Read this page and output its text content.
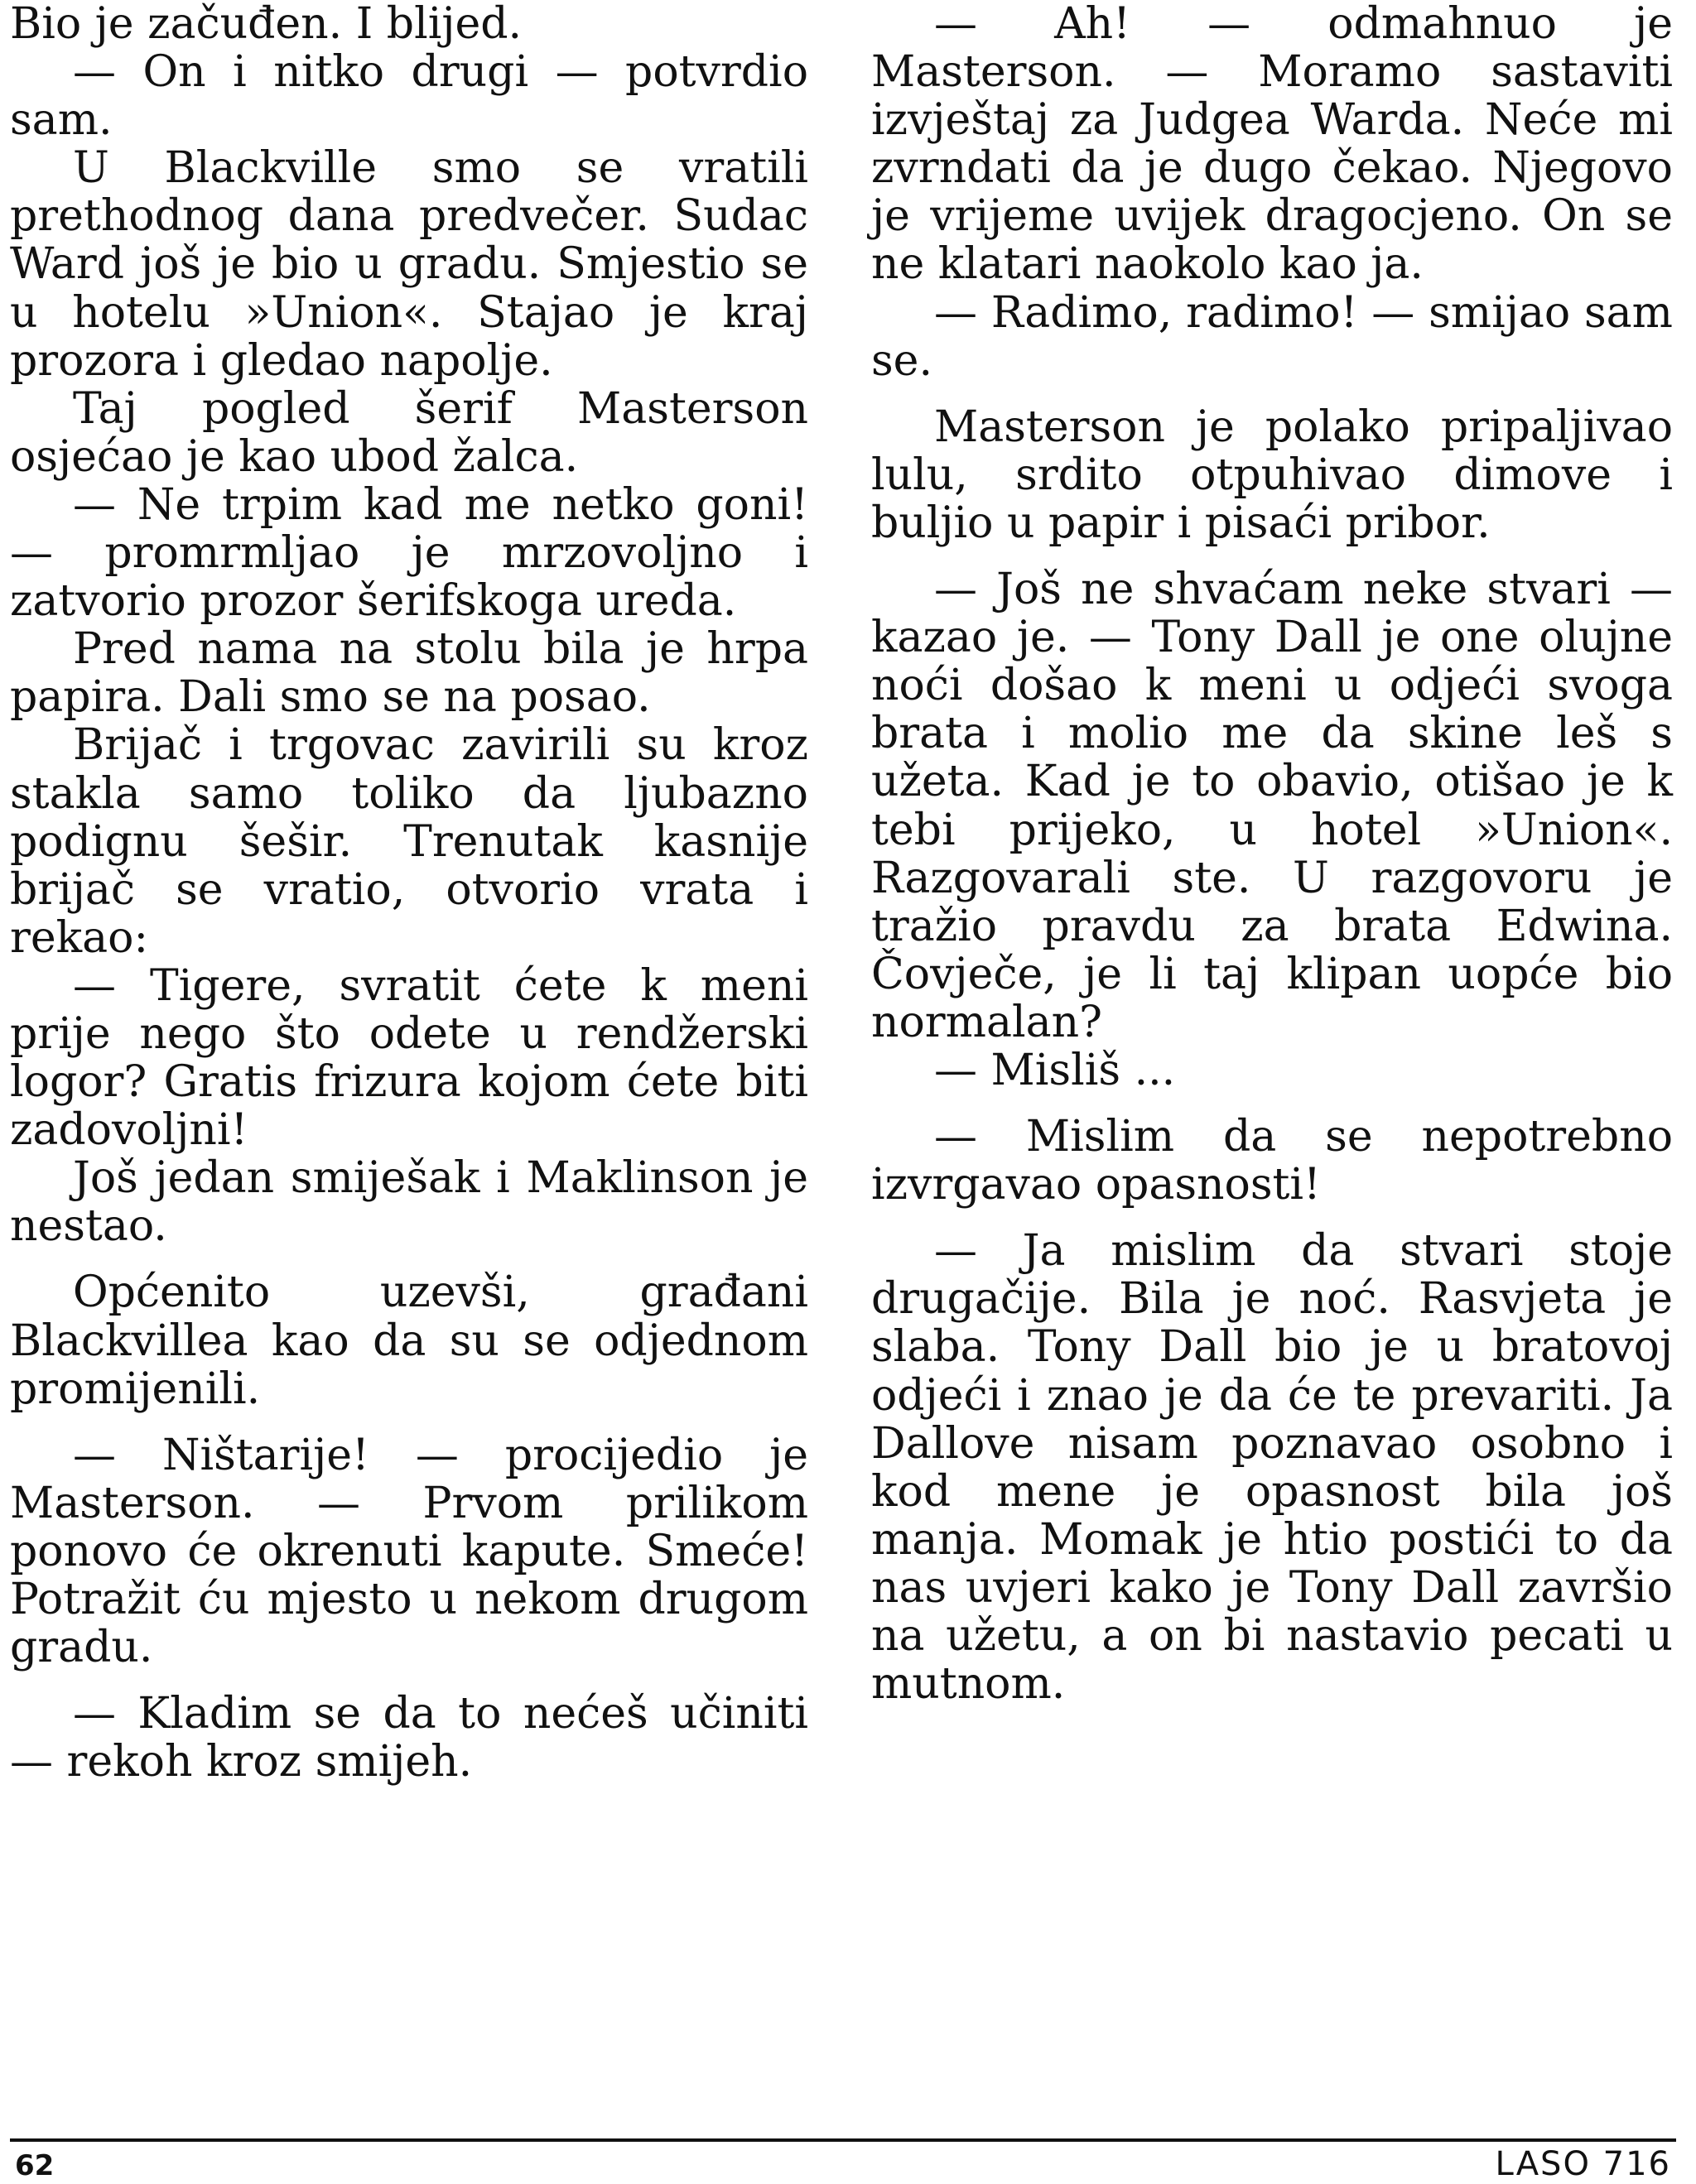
Bio je začuđen. I blijed.

— On i nitko drugi — potvrdio sam.

U Blackville smo se vratili prethodnog dana predvečer. Sudac Ward još je bio u gradu. Smjestio se u hotelu »Union«. Stajao je kraj prozora i gledao napolje.

Taj pogled šerif Masterson osjećao je kao ubod žalca.

— Ne trpim kad me netko goni! — promrmljao je mrzovoljno i zatvorio prozor šerifskoga ureda.

Pred nama na stolu bila je hrpa papira. Dali smo se na posao.

Brijač i trgovac zavirili su kroz stakla samo toliko da ljubazno podignu šešir. Trenutak kasnije brijač se vratio, otvorio vrata i rekao:

— Tigere, svratit ćete k meni prije nego što odete u rendžerski logor? Gratis frizura kojom ćete biti zadovoljni!

Još jedan smiješak i Maklinson je nestao.

Općenito uzevši, građani Blackvillea kao da su se odjednom promijenili.

— Ništarije! — procijedio je Masterson. — Prvom prilikom ponovo će okrenuti kapute. Smeće! Potražit ću mjesto u nekom drugom gradu.

— Kladim se da to nećeš učiniti — rekoh kroz smijeh.

— Ah! — odmahnuo je Masterson. — Moramo sastaviti izvještaj za Judgea Warda. Neće mi zvrndati da je dugo čekao. Njegovo je vrijeme uvijek dragocjeno. On se ne klatari naokolo kao ja.

— Radimo, radimo! — smijao sam se.

Masterson je polako pripaljivao lulu, srdito otpuhivao dimove i buljio u papir i pisaći pribor.

— Još ne shvaćam neke stvari — kazao je. — Tony Dall je one olujne noći došao k meni u odjeći svoga brata i molio me da skine leš s užeta. Kad je to obavio, otišao je k tebi prijeko, u hotel »Union«. Razgovarali ste. U razgovoru je tražio pravdu za brata Edwina. Čovječe, je li taj klipan uopće bio normalan?

— Misliš ...

— Mislim da se nepotrebno izvrgavao opasnosti!

— Ja mislim da stvari stoje drugačije. Bila je noć. Rasvjeta je slaba. Tony Dall bio je u bratovoj odjeći i znao je da će te prevariti. Ja Dallove nisam poznavao osobno i kod mene je opasnost bila još manja. Momak je htio postići to da nas uvjeri kako je Tony Dall završio na užetu, a on bi nastavio pecati u mutnom.

62	LASO 716
